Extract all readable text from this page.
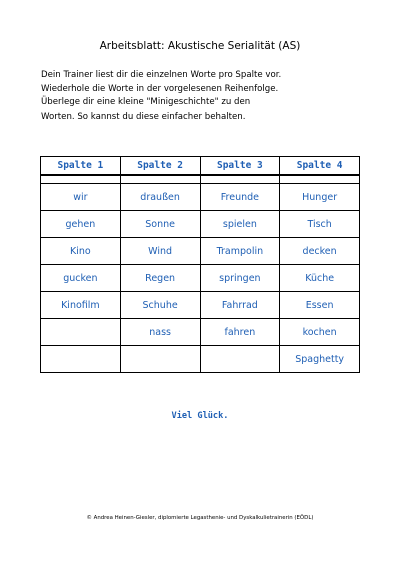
Arbeitsblatt: Akustische Serialität (AS)
Dein Trainer liest dir die einzelnen Worte pro Spalte vor.
Wiederhole die Worte in der vorgelesenen Reihenfolge.
Überlege dir eine kleine "Minigeschichte" zu den
Worten. So kannst du diese einfacher behalten.
Spalte 1	Spalte 2	Spalte 3	Spalte 4

wir	draußen	Freunde	Hunger
gehen	Sonne	spielen	Tisch
Kino	Wind	Trampolin	decken
gucken	Regen	springen	Küche
Kinofilm	Schuhe	Fahrrad	Essen
	nass	fahren	kochen
			Spaghetty
Viel Glück.
© Andrea Heinen-Giesler, diplomierte Legasthenie- und Dyskalkulietrainerin (EÖDL)
